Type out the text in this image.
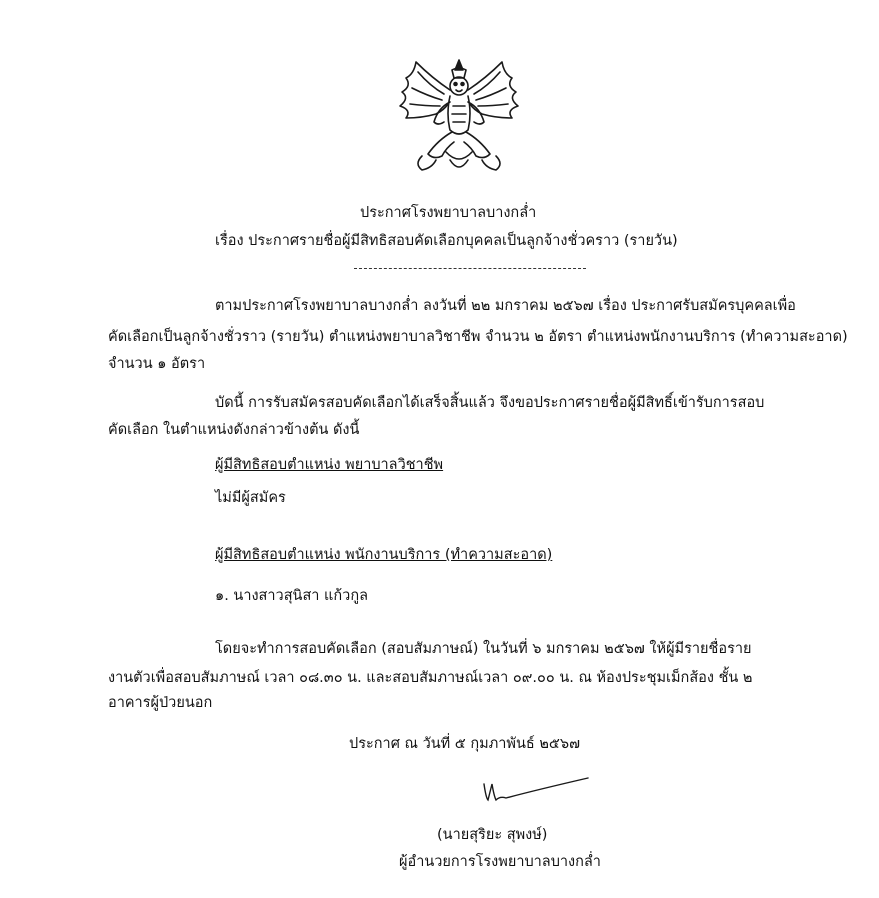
ประกาศโรงพยาบาลบางกล่ำ
เรื่อง ประกาศรายชื่อผู้มีสิทธิสอบคัดเลือกบุคคลเป็นลูกจ้างชั่วคราว (รายวัน)
ตามประกาศโรงพยาบาลบางกล่ำ ลงวันที่ ๒๒ มกราคม ๒๕๖๗ เรื่อง ประกาศรับสมัครบุคคลเพื่อ
คัดเลือกเป็นลูกจ้างชั่วราว (รายวัน) ตำแหน่งพยาบาลวิชาชีพ จำนวน ๒ อัตรา ตำแหน่งพนักงานบริการ (ทำความสะอาด)
จำนวน ๑ อัตรา
บัดนี้ การรับสมัครสอบคัดเลือกได้เสร็จสิ้นแล้ว จึงขอประกาศรายชื่อผู้มีสิทธิ์เข้ารับการสอบ
คัดเลือก ในตำแหน่งดังกล่าวข้างต้น ดังนี้
ผู้มีสิทธิสอบตำแหน่ง พยาบาลวิชาชีพ
ไม่มีผู้สมัคร
ผู้มีสิทธิสอบตำแหน่ง พนักงานบริการ (ทำความสะอาด)
๑. นางสาวสุนิสา แก้วกูล
โดยจะทำการสอบคัดเลือก (สอบสัมภาษณ์) ในวันที่ ๖ มกราคม ๒๕๖๗ ให้ผู้มีรายชื่อราย
งานตัวเพื่อสอบสัมภาษณ์ เวลา ๐๘.๓๐ น. และสอบสัมภาษณ์เวลา ๐๙.๐๐ น. ณ ห้องประชุมเม็กส้อง ชั้น ๒
อาคารผู้ป่วยนอก
ประกาศ ณ วันที่ ๕ กุมภาพันธ์ ๒๕๖๗
(นายสุริยะ สุพงษ์)
ผู้อำนวยการโรงพยาบาลบางกล่ำ
